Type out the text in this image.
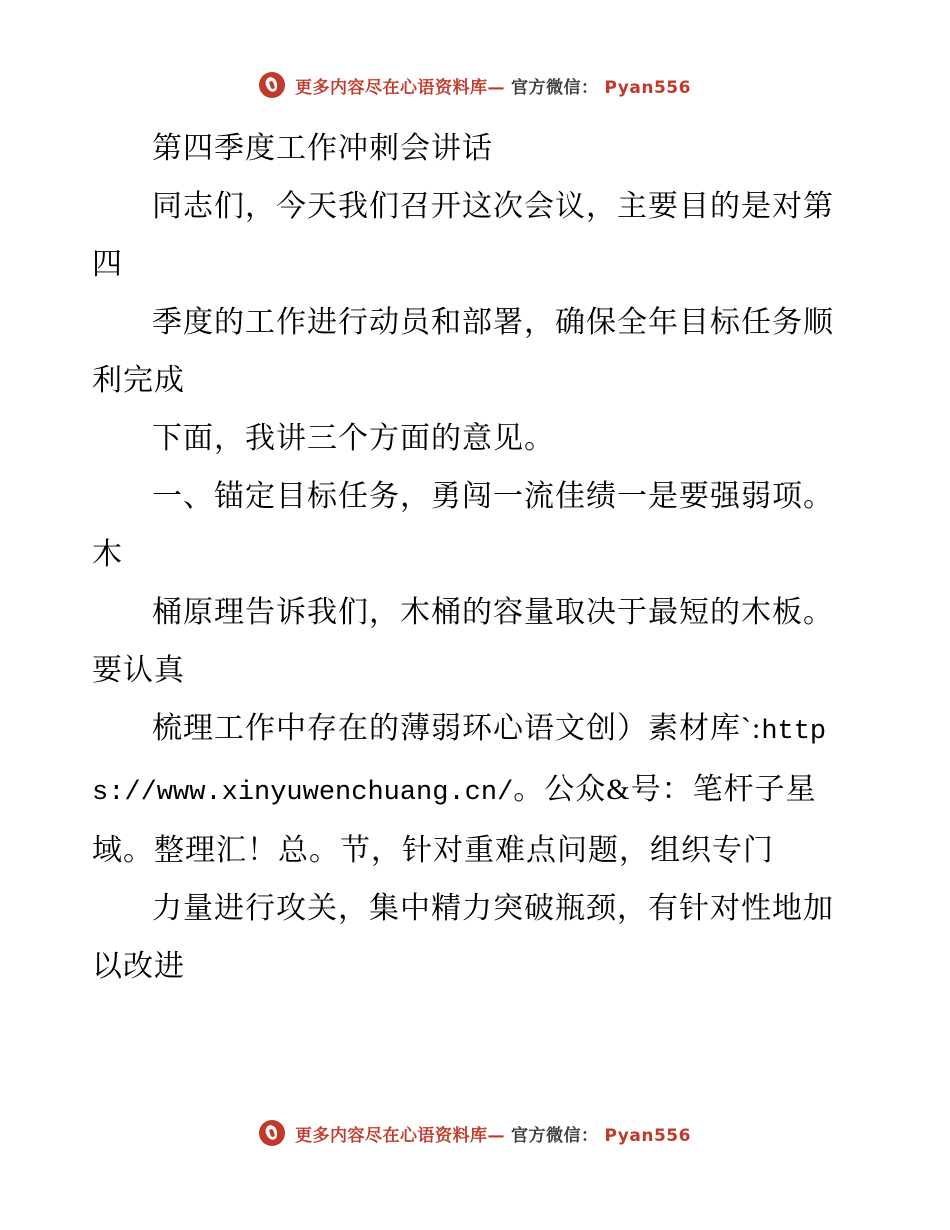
更多内容尽在心语资料库— 官方微信： Pyan556

第四季度工作冲刺会讲话

同志们，今天我们召开这次会议，主要目的是对第四

季度的工作进行动员和部署，确保全年目标任务顺利完成

下面，我讲三个方面的意见。

一、锚定目标任务，勇闯一流佳绩一是要强弱项。木

桶原理告诉我们，木桶的容量取决于最短的木板。要认真

梳理工作中存在的薄弱环心语文创）素材库`:https://www.xinyuwenchuang.cn/。公众&号：笔杆子星域。整理汇！总。节，针对重难点问题，组织专门

力量进行攻关，集中精力突破瓶颈，有针对性地加以改进

更多内容尽在心语资料库— 官方微信： Pyan556
